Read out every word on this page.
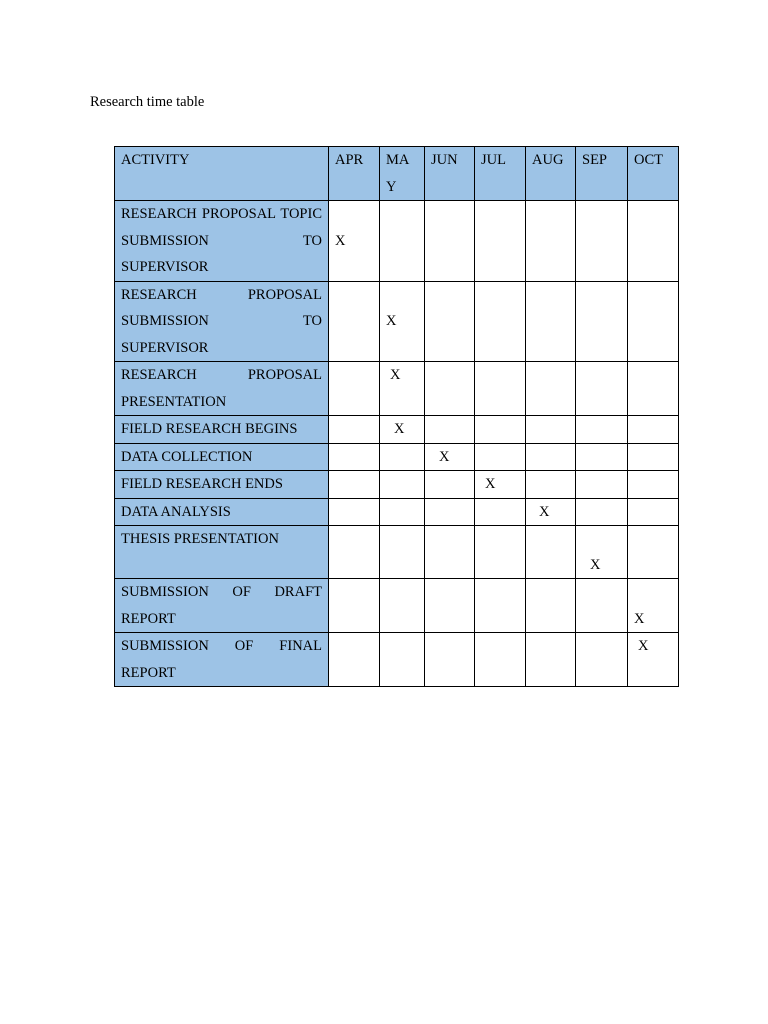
Research time table
ACTIVITY	APR	MA Y	JUN	JUL	AUG	SEP	OCT
RESEARCH PROPOSAL TOPIC SUBMISSION TO SUPERVISOR	X						
RESEARCH PROPOSAL SUBMISSION TO SUPERVISOR		X					
RESEARCH PROPOSAL PRESENTATION		X					
FIELD RESEARCH BEGINS		X					
DATA COLLECTION			X				
FIELD RESEARCH ENDS				X			
DATA ANALYSIS					X		
THESIS PRESENTATION						X	
SUBMISSION OF DRAFT REPORT							X
SUBMISSION OF FINAL REPORT							X
